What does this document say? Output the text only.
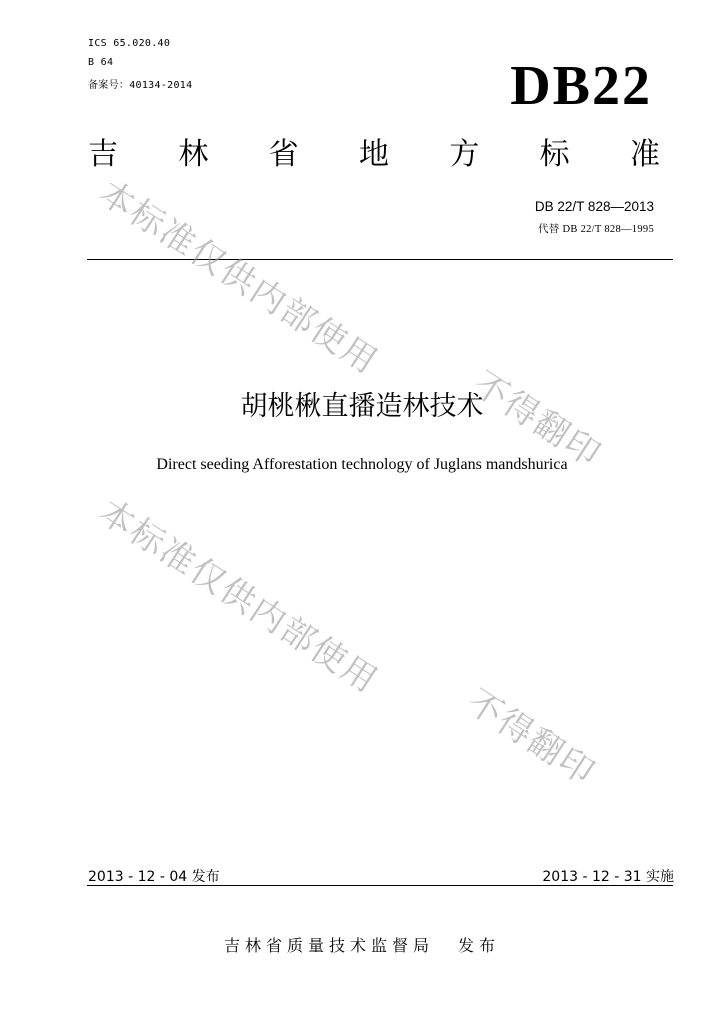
ICS 65.020.40
B 64
备案号：40134-2014	DB22
吉 林 省 地 方 标 准
DB 22/T 828—2013
代替 DB 22/T 828—1995
胡桃楸直播造林技术
Direct seeding Afforestation technology of Juglans mandshurica
2013 - 12 - 04 发布	2013 - 12 - 31 实施
吉林省质量技术监督局 发布
本标准仅供内部使用
不得翻印
本标准仅供内部使用
不得翻印
